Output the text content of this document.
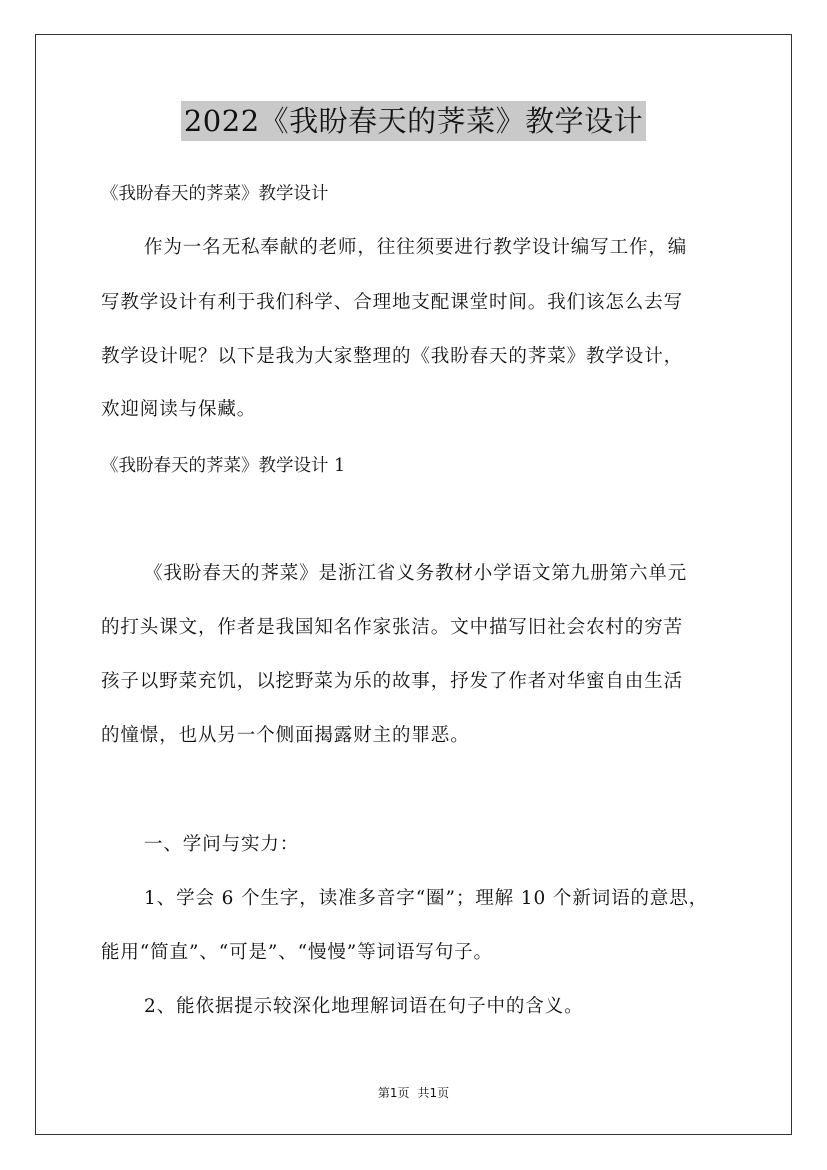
2022《我盼春天的荠菜》教学设计

《我盼春天的荠菜》教学设计

作为一名无私奉献的老师，往往须要进行教学设计编写工作，编

写教学设计有利于我们科学、合理地支配课堂时间。我们该怎么去写

教学设计呢？以下是我为大家整理的《我盼春天的荠菜》教学设计，

欢迎阅读与保藏。

《我盼春天的荠菜》教学设计 1

《我盼春天的荠菜》是浙江省义务教材小学语文第九册第六单元

的打头课文，作者是我国知名作家张洁。文中描写旧社会农村的穷苦

孩子以野菜充饥，以挖野菜为乐的故事，抒发了作者对华蜜自由生活

的憧憬，也从另一个侧面揭露财主的罪恶。

一、学问与实力：

1、学会 6 个生字，读准多音字“圈”；理解 10 个新词语的意思，

能用“简直”、“可是”、“慢慢”等词语写句子。

2、能依据提示较深化地理解词语在句子中的含义。

第1页 共1页
